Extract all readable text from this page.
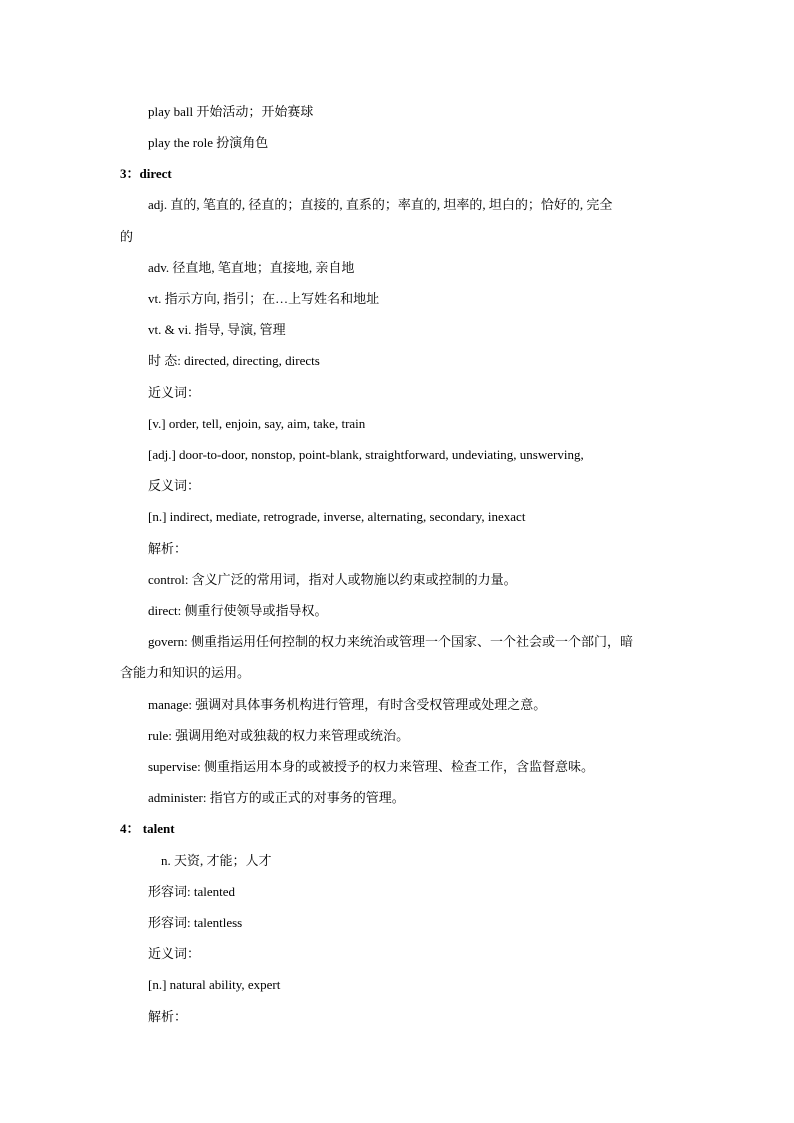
play ball 开始活动；开始赛球
play the role 扮演角色
3：direct
adj. 直的, 笔直的, 径直的；直接的, 直系的；率直的, 坦率的, 坦白的；恰好的, 完全
的
adv. 径直地, 笔直地；直接地, 亲自地
vt. 指示方向, 指引；在…上写姓名和地址
vt. & vi. 指导, 导演, 管理
时 态: directed, directing, directs
近义词：
[v.] order, tell, enjoin, say, aim, take, train
[adj.] door-to-door, nonstop, point-blank, straightforward, undeviating, unswerving,
反义词：
[n.] indirect, mediate, retrograde, inverse, alternating, secondary, inexact
解析：
control: 含义广泛的常用词，指对人或物施以约束或控制的力量。
direct: 侧重行使领导或指导权。
govern: 侧重指运用任何控制的权力来统治或管理一个国家、一个社会或一个部门，暗
含能力和知识的运用。
manage: 强调对具体事务机构进行管理，有时含受权管理或处理之意。
rule: 强调用绝对或独裁的权力来管理或统治。
supervise: 侧重指运用本身的或被授予的权力来管理、检查工作，含监督意味。
administer: 指官方的或正式的对事务的管理。
4： talent
n. 天资, 才能；人才
形容词: talented
形容词: talentless
近义词：
[n.] natural ability, expert
解析：
